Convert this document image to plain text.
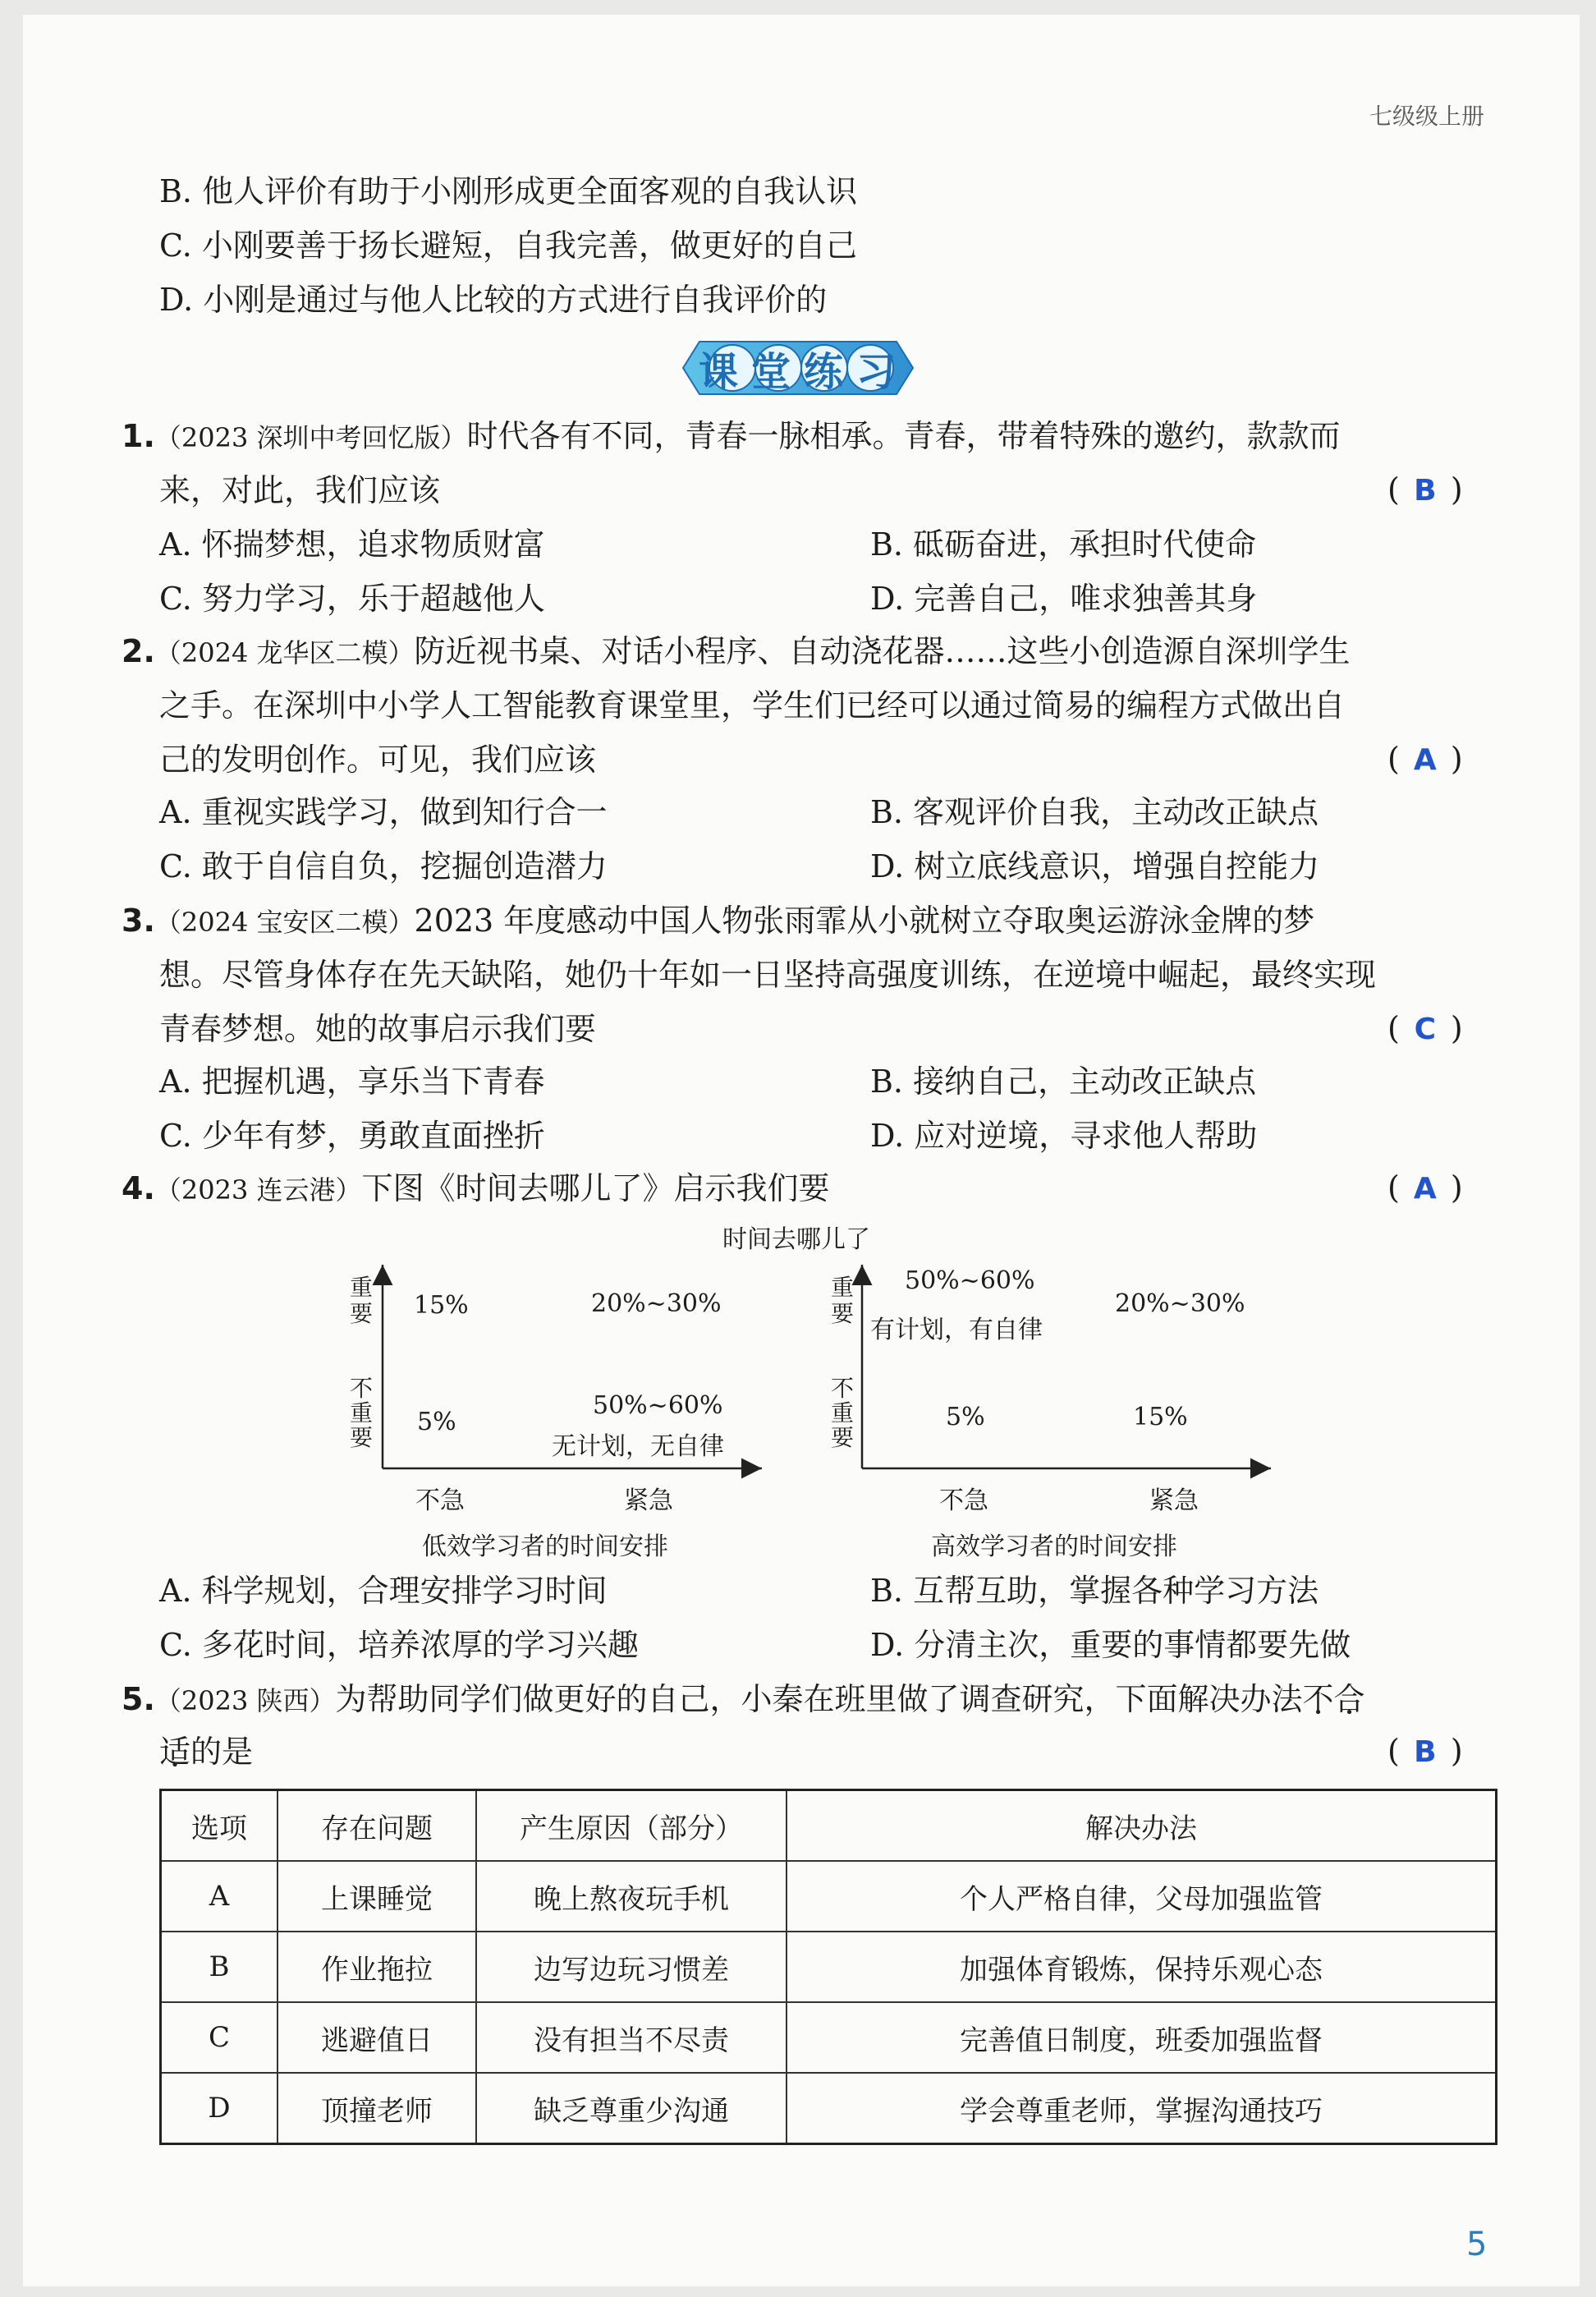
七级级上册
B. 他人评价有助于小刚形成更全面客观的自我认识
C. 小刚要善于扬长避短，自我完善，做更好的自己
D. 小刚是通过与他人比较的方式进行自我评价的
课堂练习
1.（2023 深圳中考回忆版）时代各有不同，青春一脉相承。青春，带着特殊的邀约，款款而
来，对此，我们应该	( B )
A. 怀揣梦想，追求物质财富	B. 砥砺奋进，承担时代使命
C. 努力学习，乐于超越他人	D. 完善自己，唯求独善其身
2.（2024 龙华区二模）防近视书桌、对话小程序、自动浇花器……这些小创造源自深圳学生
之手。在深圳中小学人工智能教育课堂里，学生们已经可以通过简易的编程方式做出自
己的发明创作。可见，我们应该	( A )
A. 重视实践学习，做到知行合一	B. 客观评价自我，主动改正缺点
C. 敢于自信自负，挖掘创造潜力	D. 树立底线意识，增强自控能力
3.（2024 宝安区二模）2023 年度感动中国人物张雨霏从小就树立夺取奥运游泳金牌的梦
想。尽管身体存在先天缺陷，她仍十年如一日坚持高强度训练，在逆境中崛起，最终实现
青春梦想。她的故事启示我们要	( C )
A. 把握机遇，享乐当下青春	B. 接纳自己，主动改正缺点
C. 少年有梦，勇敢直面挫折	D. 应对逆境，寻求他人帮助
4.（2023 连云港）下图《时间去哪儿了》启示我们要	( A )
时间去哪儿了
重要
不重要
15%	20%~30%
5%
50%~60%
无计划，无自律
不急	紧急
低效学习者的时间安排
重要
不重要
50%~60%
有计划，有自律
20%~30%
5%	15%
不急	紧急
高效学习者的时间安排
A. 科学规划，合理安排学习时间	B. 互帮互助，掌握各种学习方法
C. 多花时间，培养浓厚的学习兴趣	D. 分清主次，重要的事情都要先做
5.（2023 陕西）为帮助同学们做更好的自己，小秦在班里做了调查研究，下面解决办法不合
适的是	( B )
选项	存在问题	产生原因（部分）	解决办法
A	上课睡觉	晚上熬夜玩手机	个人严格自律，父母加强监管
B	作业拖拉	边写边玩习惯差	加强体育锻炼，保持乐观心态
C	逃避值日	没有担当不尽责	完善值日制度，班委加强监督
D	顶撞老师	缺乏尊重少沟通	学会尊重老师，掌握沟通技巧
5
